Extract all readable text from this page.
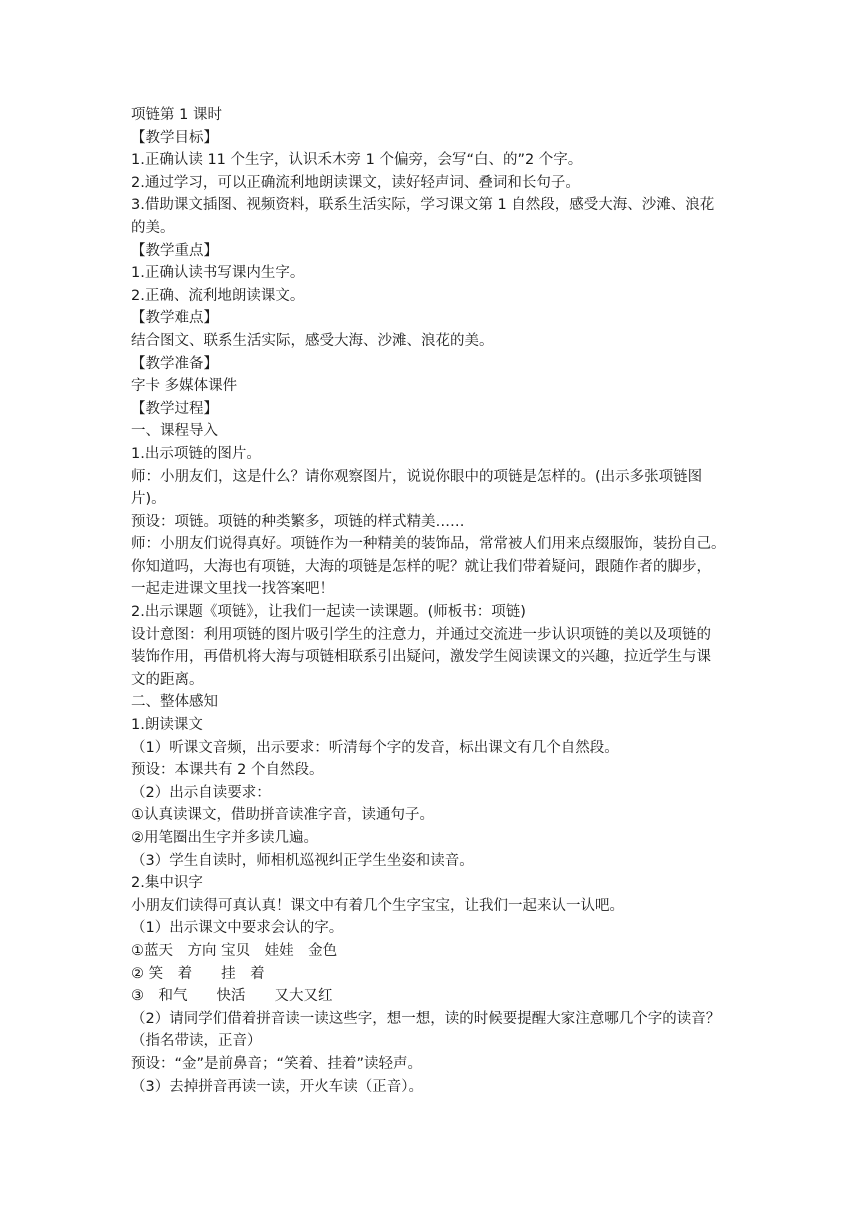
项链第 1 课时
【教学目标】
1.正确认读 11 个生字，认识禾木旁 1 个偏旁，会写“白、的”2 个字。
2.通过学习，可以正确流利地朗读课文，读好轻声词、叠词和长句子。
3.借助课文插图、视频资料，联系生活实际，学习课文第 1 自然段，感受大海、沙滩、浪花
的美。
【教学重点】
1.正确认读书写课内生字。
2.正确、流利地朗读课文。
【教学难点】
结合图文、联系生活实际，感受大海、沙滩、浪花的美。
【教学准备】
字卡 多媒体课件
【教学过程】
一、课程导入
1.出示项链的图片。
师：小朋友们，这是什么？请你观察图片，说说你眼中的项链是怎样的。(出示多张项链图
片)。
预设：项链。项链的种类繁多，项链的样式精美……
师：小朋友们说得真好。项链作为一种精美的装饰品，常常被人们用来点缀服饰，装扮自己。
你知道吗，大海也有项链，大海的项链是怎样的呢？就让我们带着疑问，跟随作者的脚步，
一起走进课文里找一找答案吧！
2.出示课题《项链》，让我们一起读一读课题。(师板书：项链)
设计意图：利用项链的图片吸引学生的注意力，并通过交流进一步认识项链的美以及项链的
装饰作用，再借机将大海与项链相联系引出疑问，激发学生阅读课文的兴趣，拉近学生与课
文的距离。
二、整体感知
1.朗读课文
（1）听课文音频，出示要求：听清每个字的发音，标出课文有几个自然段。
预设：本课共有 2 个自然段。
（2）出示自读要求：
①认真读课文，借助拼音读准字音，读通句子。
②用笔圈出生字并多读几遍。
（3）学生自读时，师相机巡视纠正学生坐姿和读音。
2.集中识字
小朋友们读得可真认真！课文中有着几个生字宝宝，让我们一起来认一认吧。
（1）出示课文中要求会认的字。
①蓝天　方向 宝贝　娃娃　金色
② 笑　着　　挂　着
③　和气　　快活　　又大又红
（2）请同学们借着拼音读一读这些字，想一想，读的时候要提醒大家注意哪几个字的读音？
（指名带读，正音）
预设：“金”是前鼻音；“笑着、挂着”读轻声。
（3）去掉拼音再读一读，开火车读（正音）。
